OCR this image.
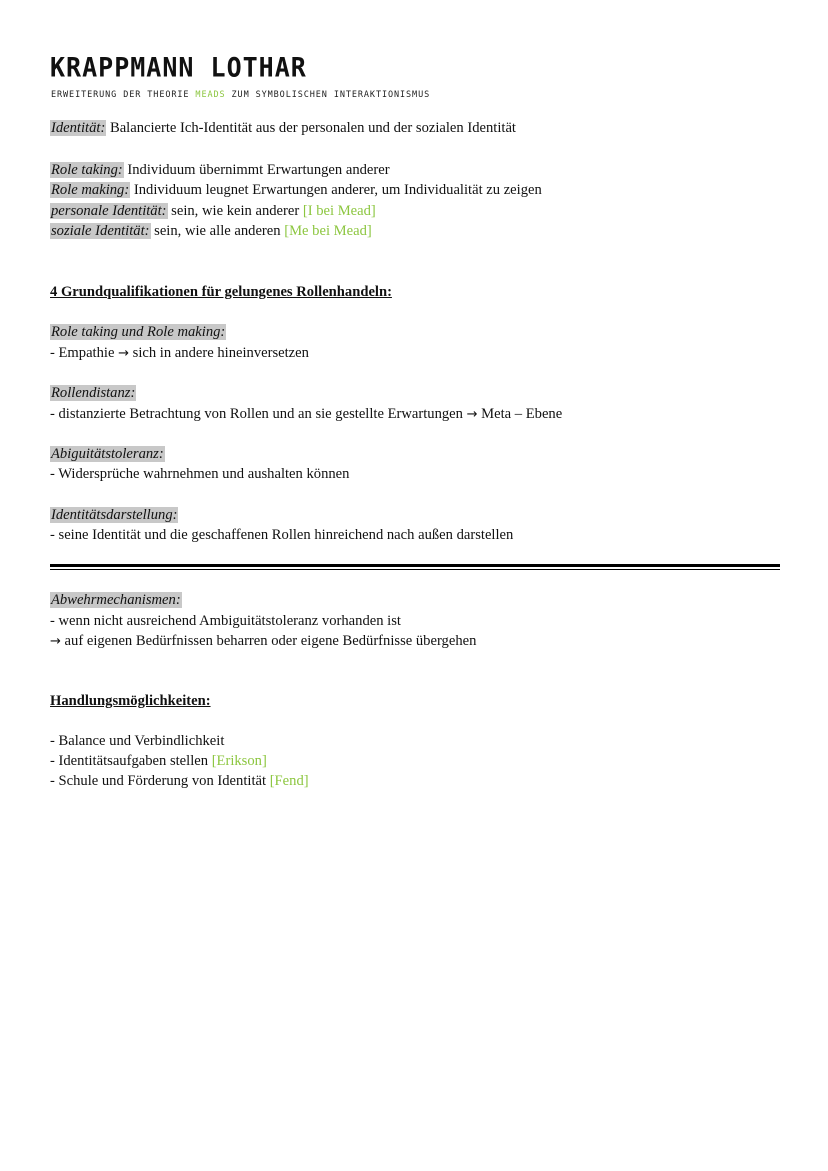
KRAPPMANN LOTHAR
ERWEITERUNG DER THEORIE MEADS ZUM SYMBOLISCHEN INTERAKTIONISMUS
Identität: Balancierte Ich-Identität aus der personalen und der sozialen Identität
Role taking: Individuum übernimmt Erwartungen anderer
Role making: Individuum leugnet Erwartungen anderer, um Individualität zu zeigen
personale Identität: sein, wie kein anderer [I bei Mead]
soziale Identität: sein, wie alle anderen [Me bei Mead]
4 Grundqualifikationen für gelungenes Rollenhandeln:
Role taking und Role making:
- Empathie → sich in andere hineinversetzen
Rollendistanz:
- distanzierte Betrachtung von Rollen und an sie gestellte Erwartungen → Meta – Ebene
Abiguitätstoleranz:
- Widersprüche wahrnehmen und aushalten können
Identitätsdarstellung:
- seine Identität und die geschaffenen Rollen hinreichend nach außen darstellen
Abwehrmechanismen:
- wenn nicht ausreichend Ambiguitätstoleranz vorhanden ist
→ auf eigenen Bedürfnissen beharren oder eigene Bedürfnisse übergehen
Handlungsmöglichkeiten:
- Balance und Verbindlichkeit
- Identitätsaufgaben stellen [Erikson]
- Schule und Förderung von Identität [Fend]
